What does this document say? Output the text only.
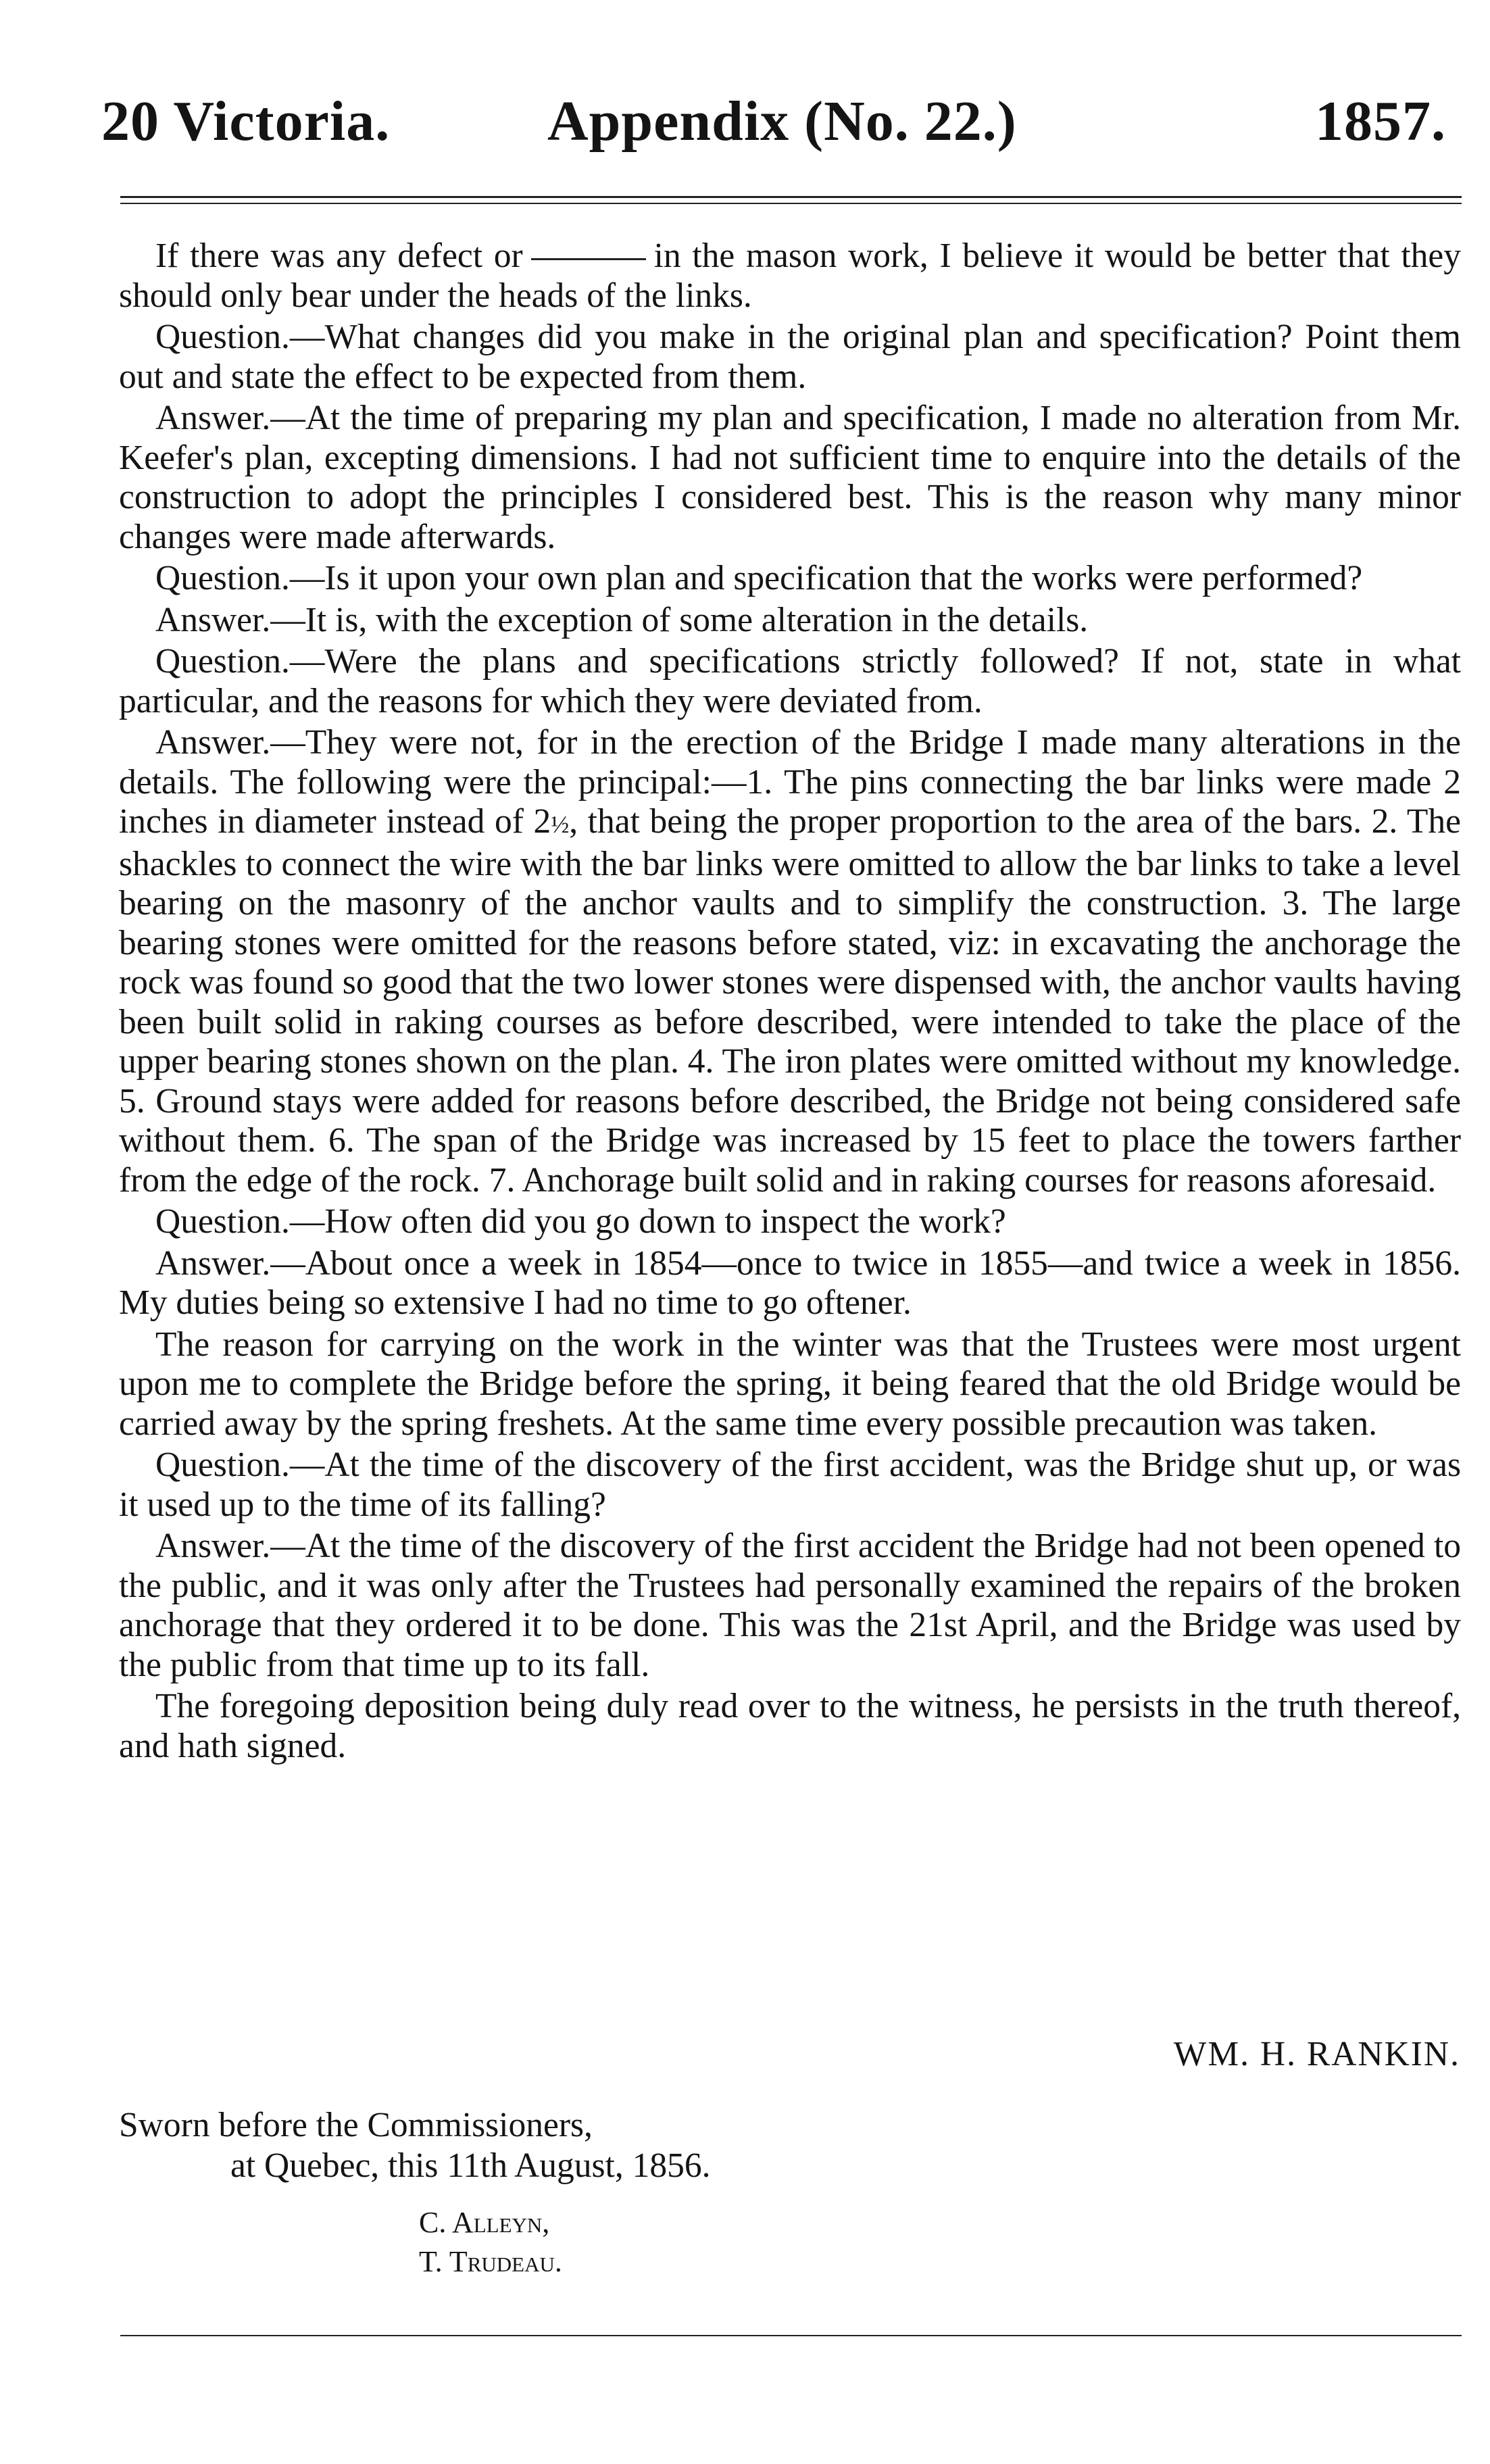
20 Victoria.	Appendix (No. 22.)	1857.

If there was any defect or	in the mason work, I believe it would be better that they should only bear under the heads of the links.

Question.—What changes did you make in the original plan and specification? Point them out and state the effect to be expected from them.

Answer.—At the time of preparing my plan and specification, I made no alteration from Mr. Keefer's plan, excepting dimensions. I had not sufficient time to enquire into the details of the construction to adopt the principles I considered best. This is the reason why many minor changes were made afterwards.

Question.—Is it upon your own plan and specification that the works were performed?

Answer.—It is, with the exception of some alteration in the details.

Question.—Were the plans and specifications strictly followed? If not, state in what particular, and the reasons for which they were deviated from.

Answer.—They were not, for in the erection of the Bridge I made many alterations in the details. The following were the principal:—1. The pins connecting the bar links were made 2 inches in diameter instead of 2½, that being the proper proportion to the area of the bars. 2. The shackles to connect the wire with the bar links were omitted to allow the bar links to take a level bearing on the masonry of the anchor vaults and to simplify the construction. 3. The large bearing stones were omitted for the reasons before stated, viz: in excavating the anchorage the rock was found so good that the two lower stones were dispensed with, the anchor vaults having been built solid in raking courses as before described, were intended to take the place of the upper bearing stones shown on the plan. 4. The iron plates were omitted without my knowledge. 5. Ground stays were added for reasons before described, the Bridge not being considered safe without them. 6. The span of the Bridge was increased by 15 feet to place the towers farther from the edge of the rock. 7. Anchorage built solid and in raking courses for reasons aforesaid.

Question.—How often did you go down to inspect the work?

Answer.—About once a week in 1854—once to twice in 1855—and twice a week in 1856. My duties being so extensive I had no time to go oftener.

The reason for carrying on the work in the winter was that the Trustees were most urgent upon me to complete the Bridge before the spring, it being feared that the old Bridge would be carried away by the spring freshets. At the same time every possible precaution was taken.

Question.—At the time of the discovery of the first accident, was the Bridge shut up, or was it used up to the time of its falling?

Answer.—At the time of the discovery of the first accident the Bridge had not been opened to the public, and it was only after the Trustees had personally examined the repairs of the broken anchorage that they ordered it to be done. This was the 21st April, and the Bridge was used by the public from that time up to its fall.

The foregoing deposition being duly read over to the witness, he persists in the truth thereof, and hath signed.

WM. H. RANKIN.
Sworn before the Commissioners,
at Quebec, this 11th August, 1856.
C. Alleyn,
T. Trudeau.
